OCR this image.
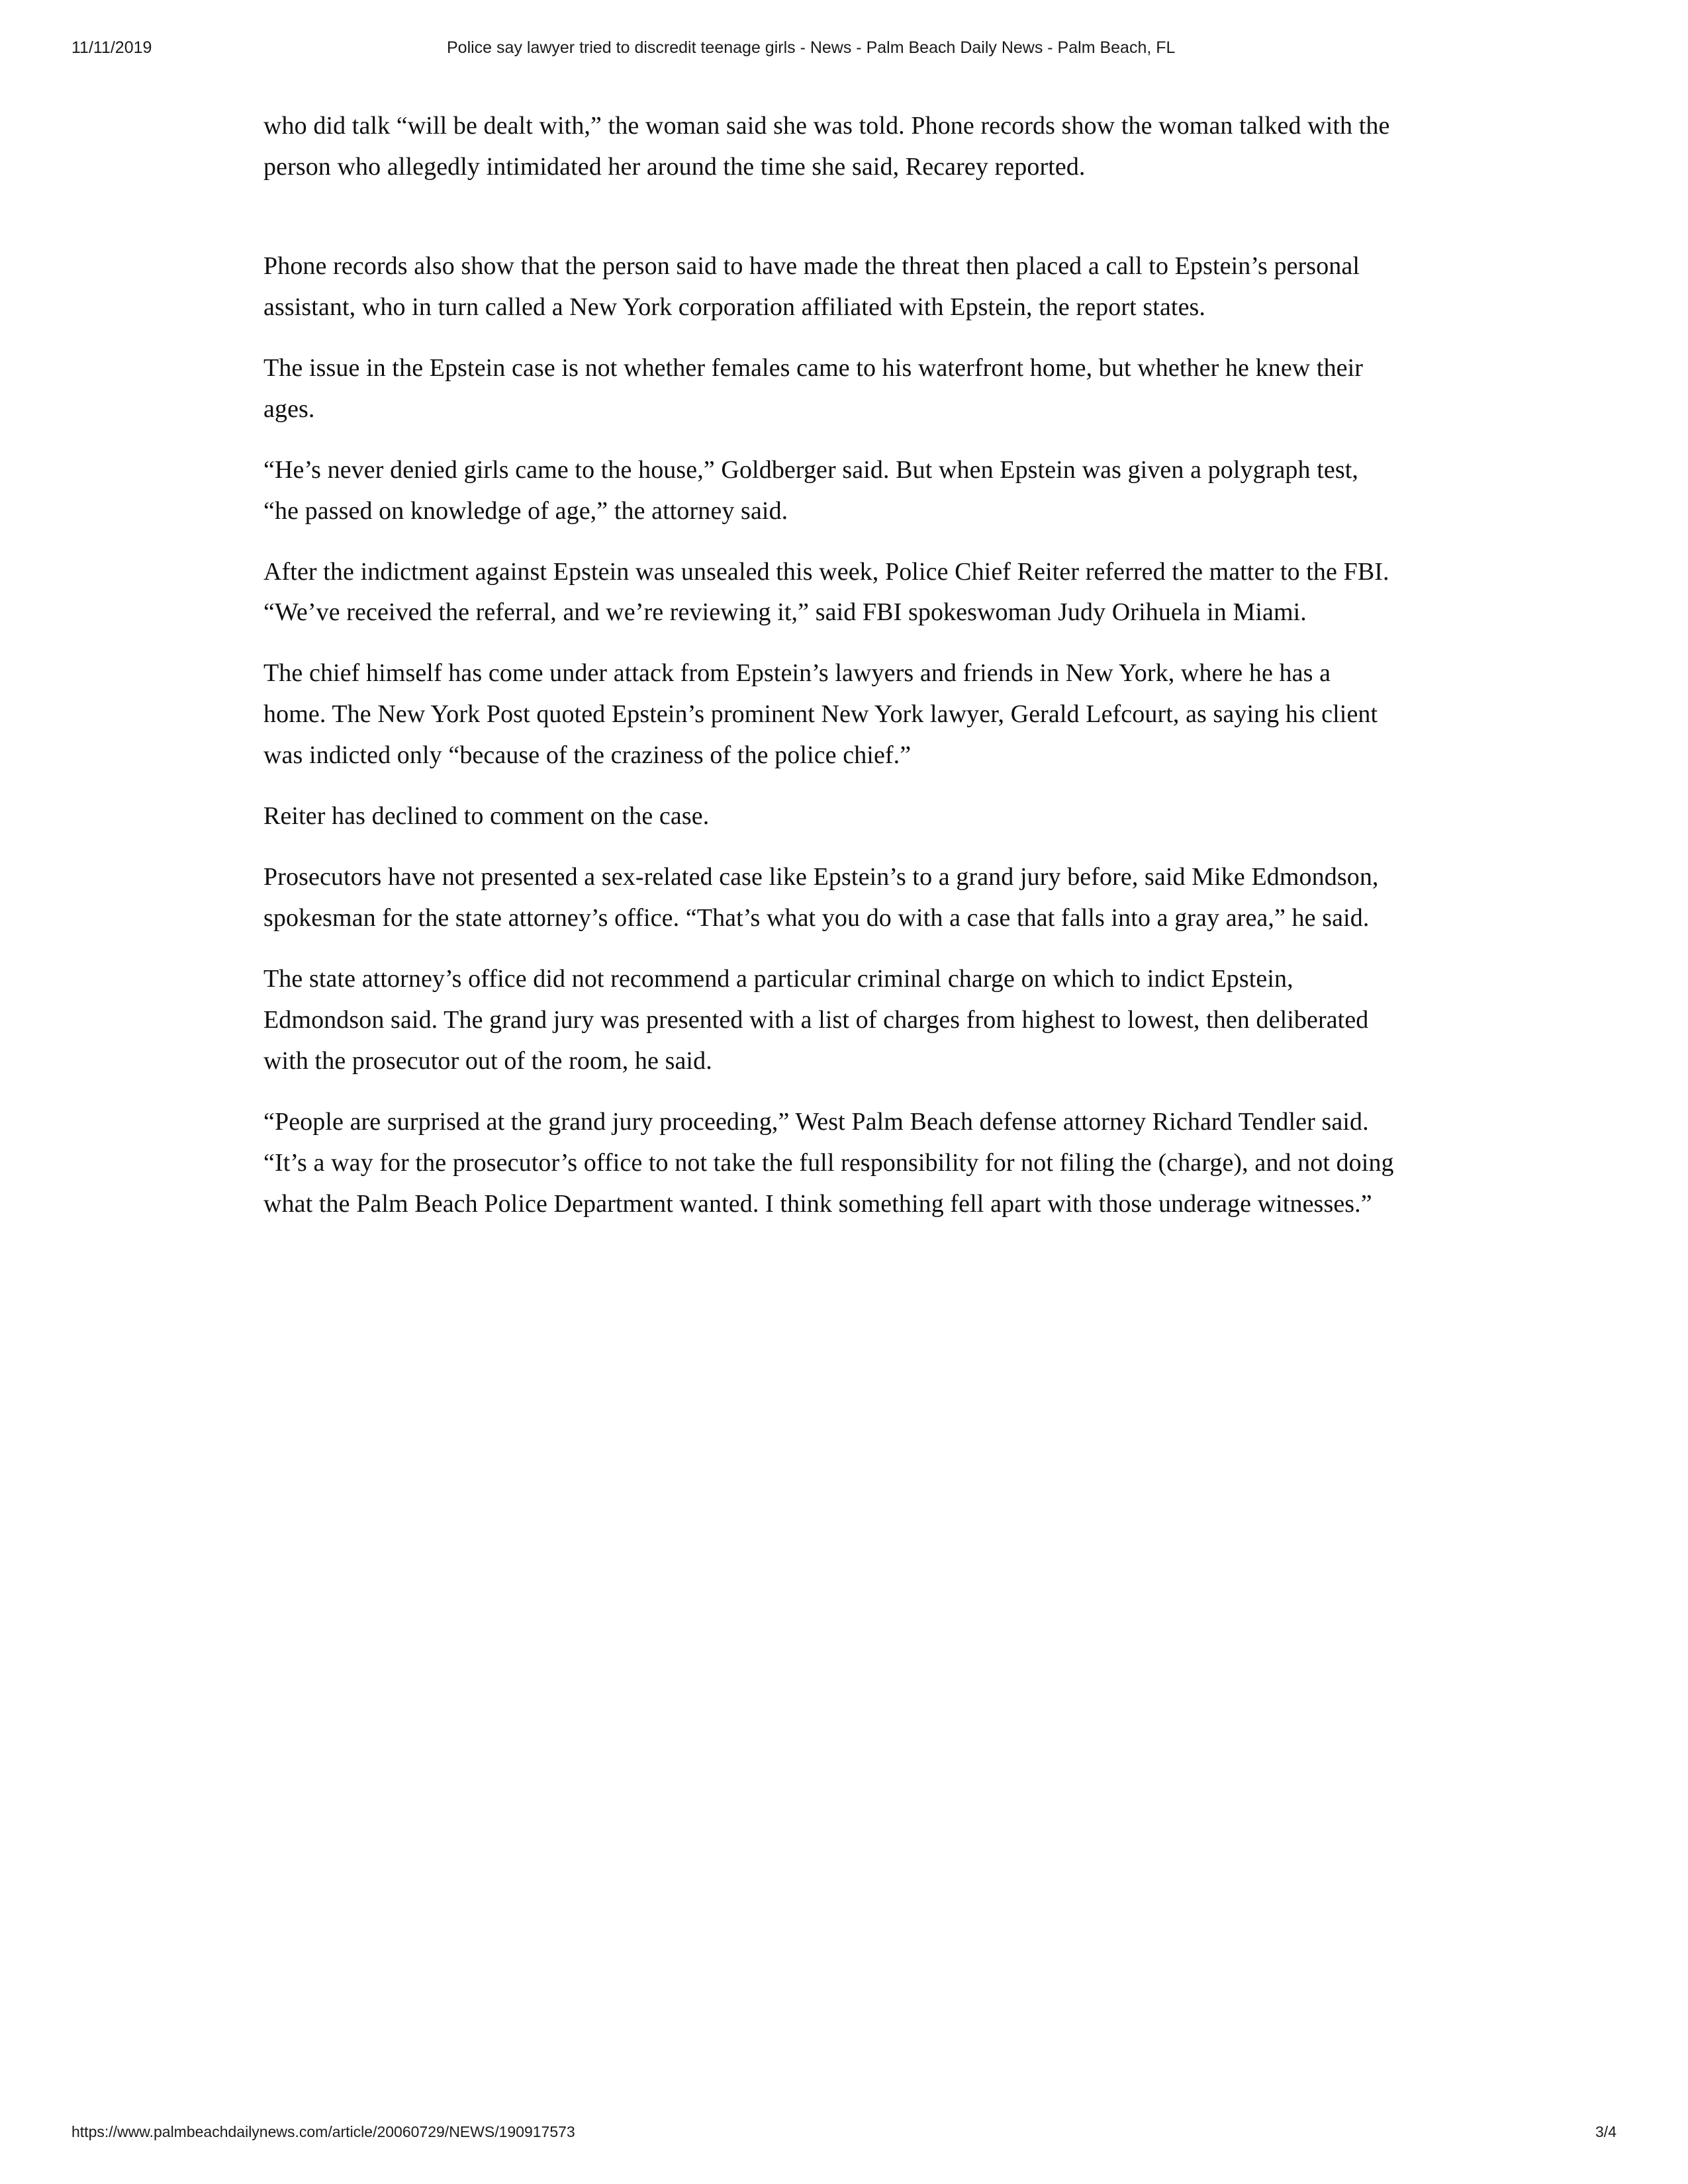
11/11/2019	Police say lawyer tried to discredit teenage girls - News - Palm Beach Daily News - Palm Beach, FL

who did talk “will be dealt with,” the woman said she was told. Phone records show the woman talked with the person who allegedly intimidated her around the time she said, Recarey reported.

Phone records also show that the person said to have made the threat then placed a call to Epstein’s personal assistant, who in turn called a New York corporation affiliated with Epstein, the report states.

The issue in the Epstein case is not whether females came to his waterfront home, but whether he knew their ages.

“He’s never denied girls came to the house,” Goldberger said. But when Epstein was given a polygraph test, “he passed on knowledge of age,” the attorney said.

After the indictment against Epstein was unsealed this week, Police Chief Reiter referred the matter to the FBI. “We’ve received the referral, and we’re reviewing it,” said FBI spokeswoman Judy Orihuela in Miami.

The chief himself has come under attack from Epstein’s lawyers and friends in New York, where he has a home. The New York Post quoted Epstein’s prominent New York lawyer, Gerald Lefcourt, as saying his client was indicted only “because of the craziness of the police chief.”

Reiter has declined to comment on the case.

Prosecutors have not presented a sex-related case like Epstein’s to a grand jury before, said Mike Edmondson, spokesman for the state attorney’s office. “That’s what you do with a case that falls into a gray area,” he said.

The state attorney’s office did not recommend a particular criminal charge on which to indict Epstein, Edmondson said. The grand jury was presented with a list of charges from highest to lowest, then deliberated with the prosecutor out of the room, he said.

“People are surprised at the grand jury proceeding,” West Palm Beach defense attorney Richard Tendler said. “It’s a way for the prosecutor’s office to not take the full responsibility for not filing the (charge), and not doing what the Palm Beach Police Department wanted. I think something fell apart with those underage witnesses.”

https://www.palmbeachdailynews.com/article/20060729/NEWS/190917573	3/4
